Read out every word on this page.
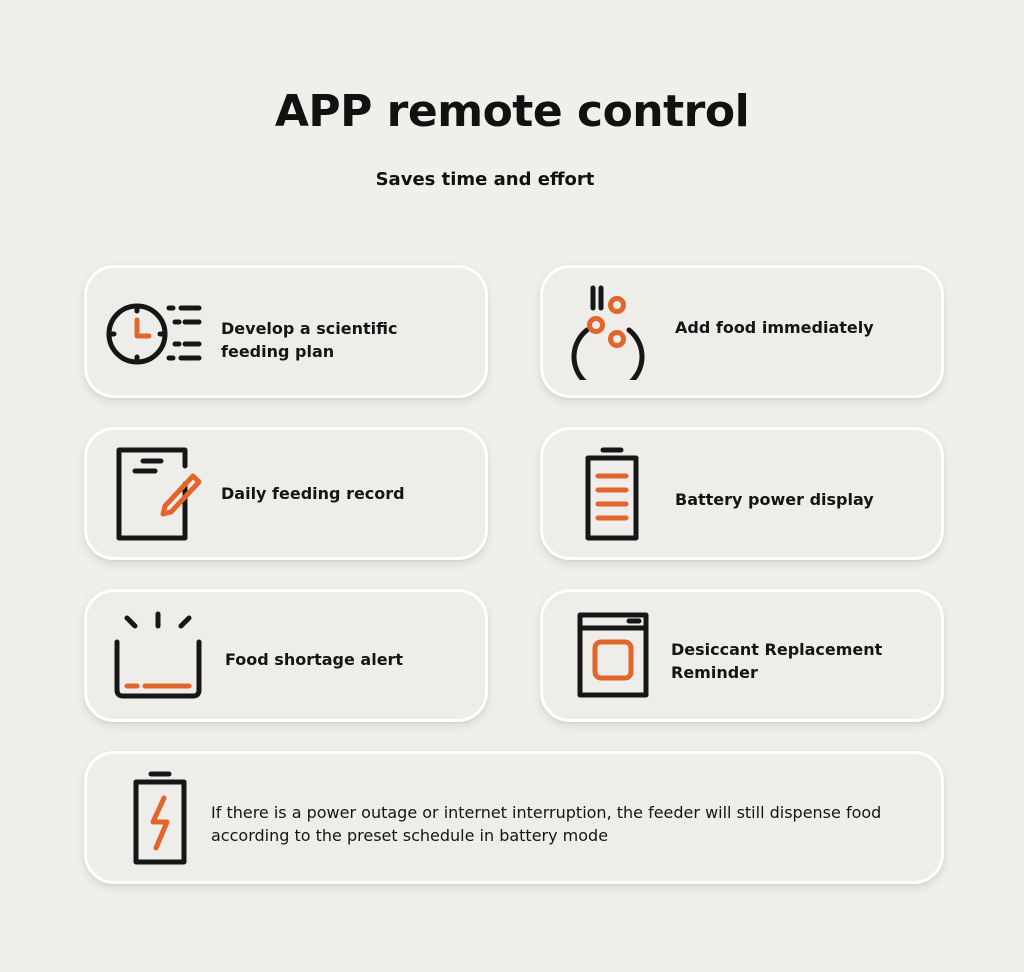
APP remote control

Saves time and effort

Develop a scientific feeding plan
Add food immediately
Daily feeding record	Battery power display
Food shortage alert
Desiccant Replacement Reminder
If there is a power outage or internet interruption, the feeder will still dispense food according to the preset schedule in battery mode
